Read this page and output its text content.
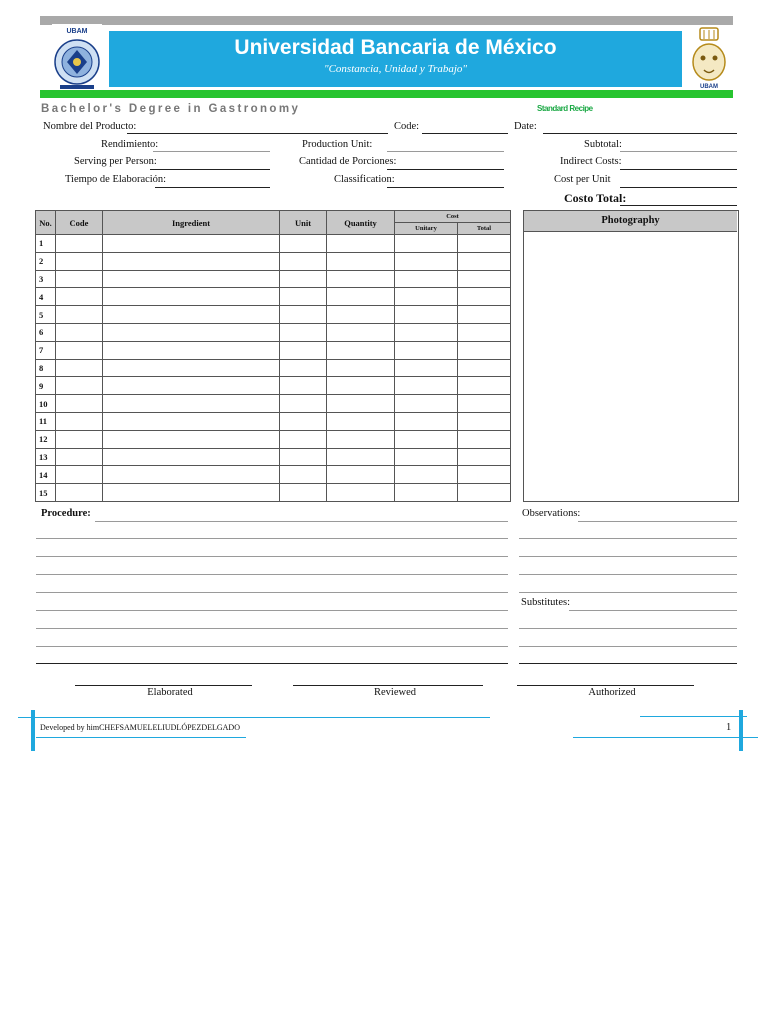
UBAM
Universidad Bancaria de México
"Constancia, Unidad y Trabajo"
UBAM
Bachelor's Degree in Gastronomy	Standard Recipe
Nombre del Producto:	Code:	Date:
Rendimiento:	Production Unit:	Subtotal:
Serving per Person:	Cantidad de Porciones:	Indirect Costs:
Tiempo de Elaboración:	Classification:	Cost per Unit
Costo Total:
No.	Code	Ingredient	Unit	Quantity	Cost	
					Unitary	Total
1						
2						
3						
4						
5						
6						
7						
8						
9						
10						
11						
12						
13						
14						
15						
Photography
Procedure:	Observations:
Substitutes:
Elaborated	Reviewed	Authorized
Developed by himCHEFSAMUELELIUDLÓPEZDELGADO	1
